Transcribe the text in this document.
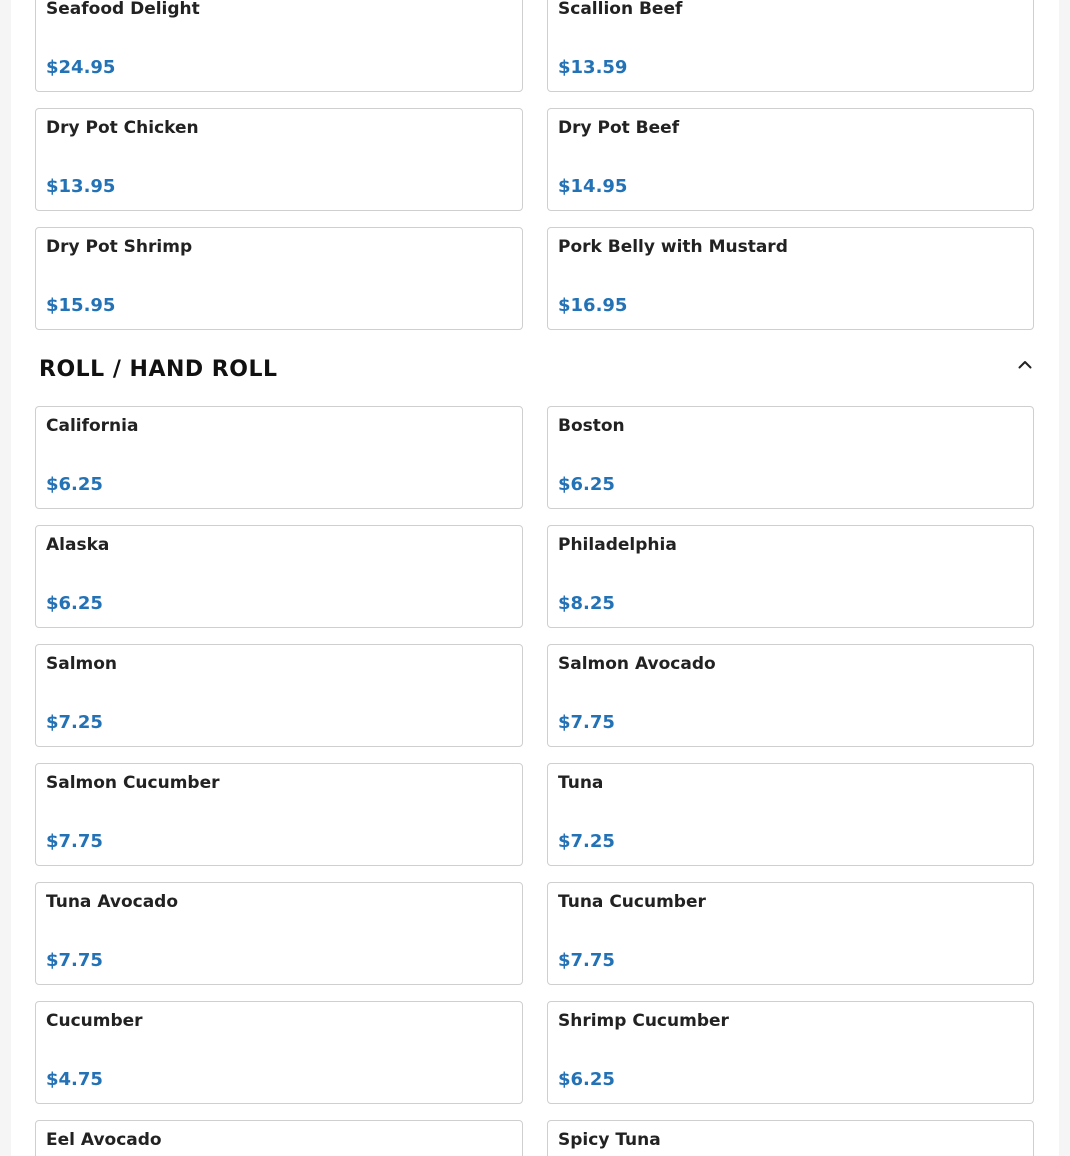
Seafood Delight
$24.95
Scallion Beef
$13.59
Dry Pot Chicken
$13.95
Dry Pot Beef
$14.95
Dry Pot Shrimp
$15.95
Pork Belly with Mustard
$16.95
ROLL / HAND ROLL
California
$6.25
Boston
$6.25
Alaska
$6.25
Philadelphia
$8.25
Salmon
$7.25
Salmon Avocado
$7.75
Salmon Cucumber
$7.75
Tuna
$7.25
Tuna Avocado
$7.75
Tuna Cucumber
$7.75
Cucumber
$4.75
Shrimp Cucumber
$6.25
Eel Avocado	Spicy Tuna
